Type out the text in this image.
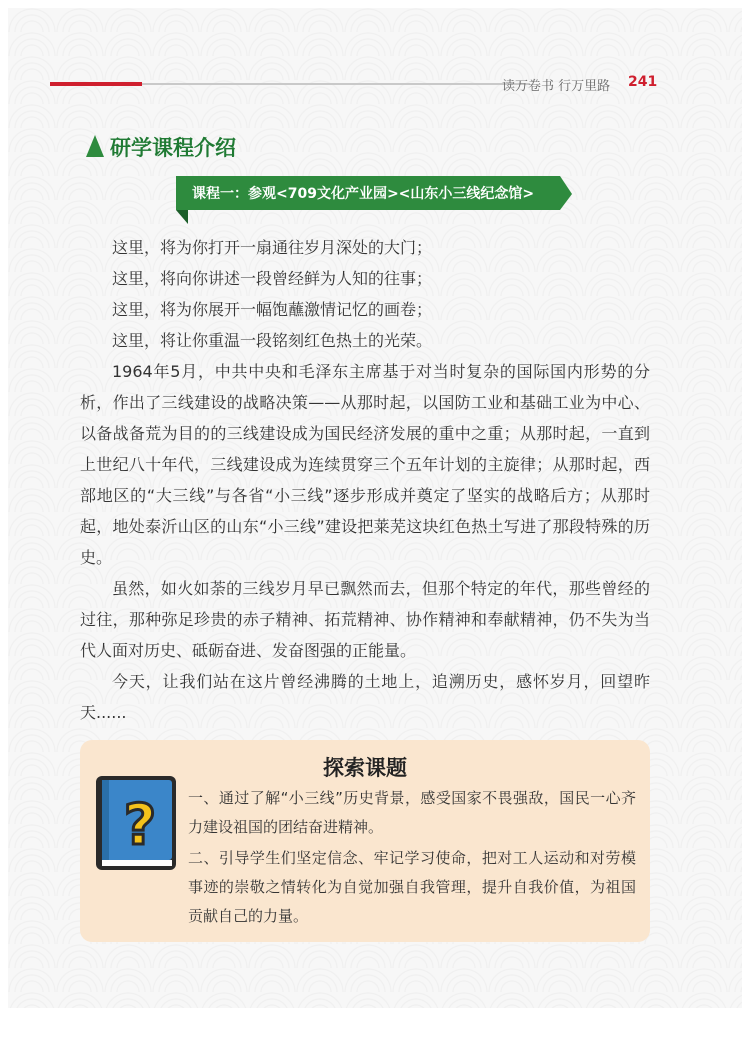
读万卷书 行万里路 241
研学课程介绍
课程一：参观<709文化产业园><山东小三线纪念馆>

这里，将为你打开一扇通往岁月深处的大门；

这里，将向你讲述一段曾经鲜为人知的往事；

这里，将为你展开一幅饱蘸激情记忆的画卷；

这里，将让你重温一段铭刻红色热土的光荣。

1964年5月，中共中央和毛泽东主席基于对当时复杂的国际国内形势的分析，作出了三线建设的战略决策——从那时起，以国防工业和基础工业为中心、以备战备荒为目的的三线建设成为国民经济发展的重中之重；从那时起，一直到上世纪八十年代，三线建设成为连续贯穿三个五年计划的主旋律；从那时起，西部地区的“大三线”与各省“小三线”逐步形成并奠定了坚实的战略后方；从那时起，地处泰沂山区的山东“小三线”建设把莱芜这块红色热土写进了那段特殊的历史。

虽然，如火如荼的三线岁月早已飘然而去，但那个特定的年代，那些曾经的过往，那种弥足珍贵的赤子精神、拓荒精神、协作精神和奉献精神，仍不失为当代人面对历史、砥砺奋进、发奋图强的正能量。

今天，让我们站在这片曾经沸腾的土地上，追溯历史，感怀岁月，回望昨天......

探索课题
? 一、通过了解“小三线”历史背景，感受国家不畏强敌，国民一心齐力建设祖国的团结奋进精神。

二、引导学生们坚定信念、牢记学习使命，把对工人运动和对劳模事迹的崇敬之情转化为自觉加强自我管理，提升自我价值，为祖国贡献自己的力量。
